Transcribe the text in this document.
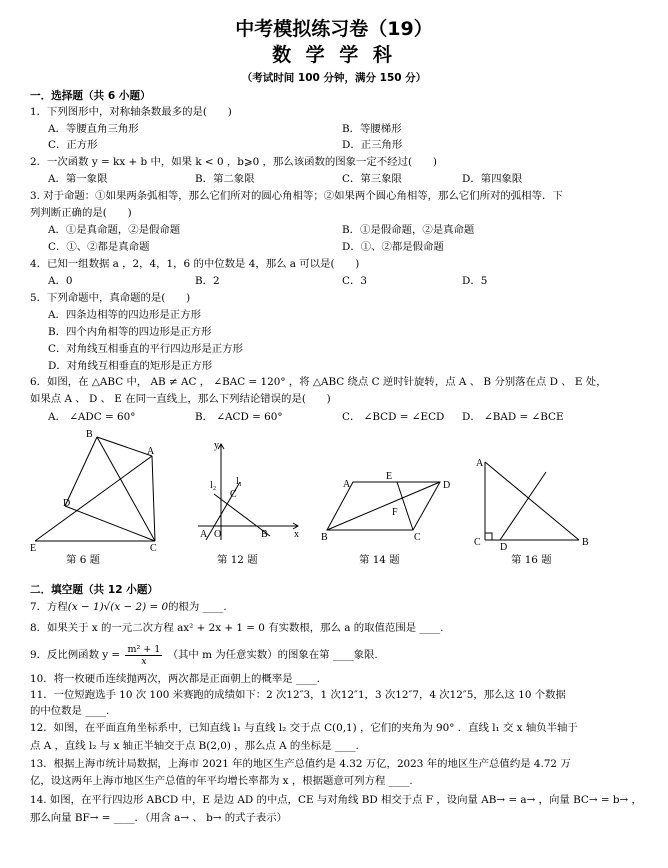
中考模拟练习卷（19）
数 学 学 科
（考试时间 100 分钟，满分 150 分）
一．选择题（共 6 小题）
1．下列图形中，对称轴条数最多的是(　　)
A．等腰直角三角形	B．等腰梯形
C．正方形	D．正三角形
2．一次函数 y = kx + b 中，如果 k < 0 ，b⩾0 ，那么该函数的图象一定不经过(　　)
A．第一象限	B．第二象限	C．第三象限	D．第四象限
3. 对于命题：①如果两条弧相等，那么它们所对的圆心角相等；②如果两个圆心角相等，那么它们所对的弧相等．下
列判断正确的是(　　)
A．①是真命题，②是假命题	B．①是假命题，②是真命题
C．①、②都是真命题	D．①、②都是假命题
4．已知一组数据 a ，2，4，1，6 的中位数是 4，那么 a 可以是(　　)
A．0	B．2	C．3	D．5
5．下列命题中，真命题的是(　　)
A．四条边相等的四边形是正方形
B．四个内角相等的四边形是正方形
C．对角线互相垂直的平行四边形是正方形
D．对角线互相垂直的矩形是正方形
6．如图，在 △ABC 中， AB ≠ AC ， ∠BAC = 120° ，将 △ABC 绕点 C 逆时针旋转，点 A 、 B 分别落在点 D 、 E 处，
如果点 A 、 D 、 E 在同一直线上，那么下列结论错误的是(　　)
A． ∠ADC = 60°	B． ∠ACD = 60°	C． ∠BCD = ∠ECD D． ∠BAD = ∠BCE
B
A
D
E	C
第 6 题
y
l₂ l₁
C
A O	B	x
第 12 题
A
E
D
F
B	C
第 14 题
A
C D	B
第 16 题
二．填空题（共 12 小题）
7．方程(x − 1)√(x − 2) = 0的根为 ____.
8．如果关于 x 的一元二次方程 ax² + 2x + 1 = 0 有实数根，那么 a 的取值范围是 ____.
9．反比例函数 $y = \frac{\text{m² + 1}}{x}$ （其中 m 为任意实数）的图象在第 ____象限.
10．将一枚硬币连续抛两次，两次都是正面朝上的概率是 ____.
11．一位短跑选手 10 次 100 米赛跑的成绩如下：2 次12″3，1 次12″1，3 次12″7，4 次12″5，那么这 10 个数据
的中位数是 ____.
12．如图，在平面直角坐标系中，已知直线 l₁ 与直线 l₂ 交于点 C(0,1) ，它们的夹角为 90° ．直线 l₁ 交 x 轴负半轴于
点 A ，直线 l₂ 与 x 轴正半轴交于点 B(2,0) ，那么点 A 的坐标是 ____.
13．根据上海市统计局数据，上海市 2021 年的地区生产总值约是 4.32 万亿，2023 年的地区生产总值约是 4.72 万
亿，设这两年上海市地区生产总值的年平均增长率都为 x ，根据题意可列方程 ____.
14. 如图，在平行四边形 ABCD 中，E 是边 AD 的中点，CE 与对角线 BD 相交于点 F ，设向量 AB→ = a→ ，向量 BC→ = b→ ，
那么向量 BF→ = ____．（用含 a→ 、 b→ 的式子表示）
